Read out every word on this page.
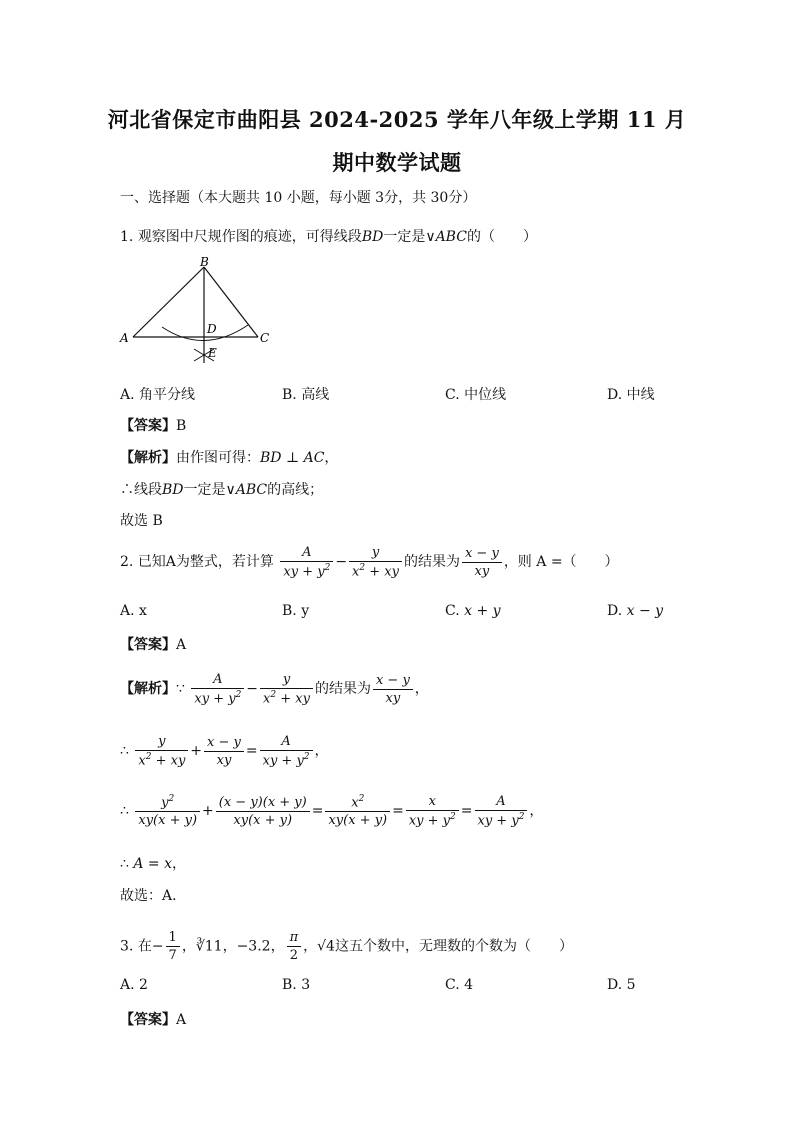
河北省保定市曲阳县 2024-2025 学年八年级上学期 11 月
期中数学试题
一、选择题（本大题共 10 小题，每小题 3分，共 30分）
1. 观察图中尺规作图的痕迹，可得线段BD一定是∨ABC的（　　）
B
A	C
D
E
A. 角平分线	B. 高线	C. 中位线	D. 中线
【答案】B
【解析】由作图可得：BD ⊥ AC，
∴线段BD一定是∨ABC的高线；
故选 B
2. 已知A为整式，若计算 $\frac{A}{xy + y^2} - \frac{y}{x^2 + xy}$ 的结果为 $\frac{x - y}{xy}$ ，则 A =（　　）
A. x	B. y	C. x + y	D. x − y
【答案】A
【解析】∵ $\frac{A}{xy + y^2} - \frac{y}{x^2 + xy}$ 的结果为 $\frac{x - y}{xy}$ ，
∴ $\frac{y}{x^2 + xy} + \frac{x - y}{xy} = \frac{A}{xy + y^2}$ ，
∴ $\frac{y^2}{xy(x + y)} + \frac{(x - y)(x + y)}{xy(x + y)} = \frac{x^2}{xy(x + y)} = \frac{x}{xy + y^2} = \frac{A}{xy + y^2}$ ，
∴ A = x，
故选：A．
3. 在− $\frac{1}{7}$ ，∛11，−3.2， $\frac{\pi}{2}$ ，√4这五个数中，无理数的个数为（　　）
A. 2	B. 3	C. 4	D. 5
【答案】A
